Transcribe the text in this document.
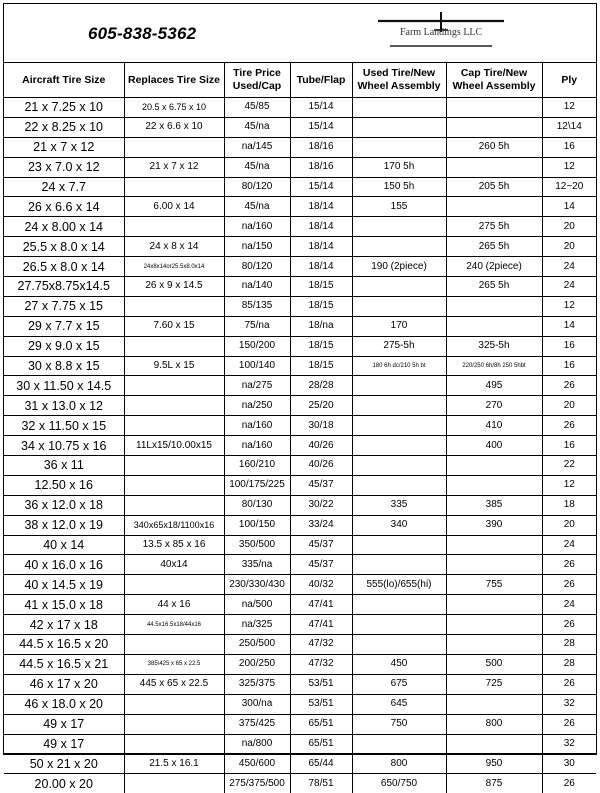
605-838-5362	Farm Landings LLC
Aircraft Tire Size	Replaces Tire Size	Tire Price Used/Cap	Tube/Flap	Used Tire/New Wheel Assembly	Cap Tire/New Wheel Assembly	Ply
21 x 7.25 x 10	20.5 x 6.75 x 10	45/85	15/14			12
22 x 8.25 x 10	22 x 6.6 x 10	45/na	15/14			12\14
21 x 7 x 12		na/145	18/16		260 5h	16
23 x 7.0 x 12	21 x 7 x 12	45/na	18/16	170 5h		12
24 x 7.7		80/120	15/14	150 5h	205 5h	12~20
26 x 6.6 x 14	6.00 x 14	45/na	18/14	155		14
24 x 8.00 x 14		na/160	18/14		275 5h	20
25.5 x 8.0 x 14	24 x 8 x 14	na/150	18/14		265 5h	20
26.5 x 8.0 x 14	24x8x14or25.5x8.0x14	80/120	18/14	190 (2piece)	240 (2piece)	24
27.75x8.75x14.5	26 x 9 x 14.5	na/140	18/15		265 5h	24
27 x 7.75 x 15		85/135	18/15			12
29 x 7.7 x 15	7.60 x 15	75/na	18/na	170		14
29 x 9.0 x 15		150/200	18/15	275-5h	325-5h	16
30 x 8.8 x 15	9.5L x 15	100/140	18/15	180 6h dc/210 5h bt	220/250 6h/8h 250 5hbt	16
30 x 11.50 x 14.5		na/275	28/28		495	26
31 x 13.0 x 12		na/250	25/20		270	20
32 x 11.50 x 15		na/160	30/18		410	26
34 x 10.75 x 16	11Lx15/10.00x15	na/160	40/26		400	16
36 x 11		160/210	40/26			22
12.50 x 16		100/175/225	45/37			12
36 x 12.0 x 18		80/130	30/22	335	385	18
38 x 12.0 x 19	340x65x18/1100x16	100/150	33/24	340	390	20
40 x 14	13.5 x 85 x 16	350/500	45/37			24
40 x 16.0 x 16	40x14	335/na	45/37			26
40 x 14.5 x 19		230/330/430	40/32	555(lo)/655(hi)	755	26
41 x 15.0 x 18	44 x 16	na/500	47/41			24
42 x 17 x 18	44.5x16.5x18/44x16	na/325	47/41			26
44.5 x 16.5 x 20		250/500	47/32			28
44.5 x 16.5 x 21	385\425 x 65 x 22.5	200/250	47/32	450	500	28
46 x 17 x 20	445 x 65 x 22.5	325/375	53/51	675	725	26
46 x 18.0 x 20		300/na	53/51	645		32
49 x 17		375/425	65/51	750	800	26
49 x 17		na/800	65/51			32
50 x 21 x 20	21.5 x 16.1	450/600	65/44	800	950	30
20.00 x 20		275/375/500	78/51	650/750	875	26
